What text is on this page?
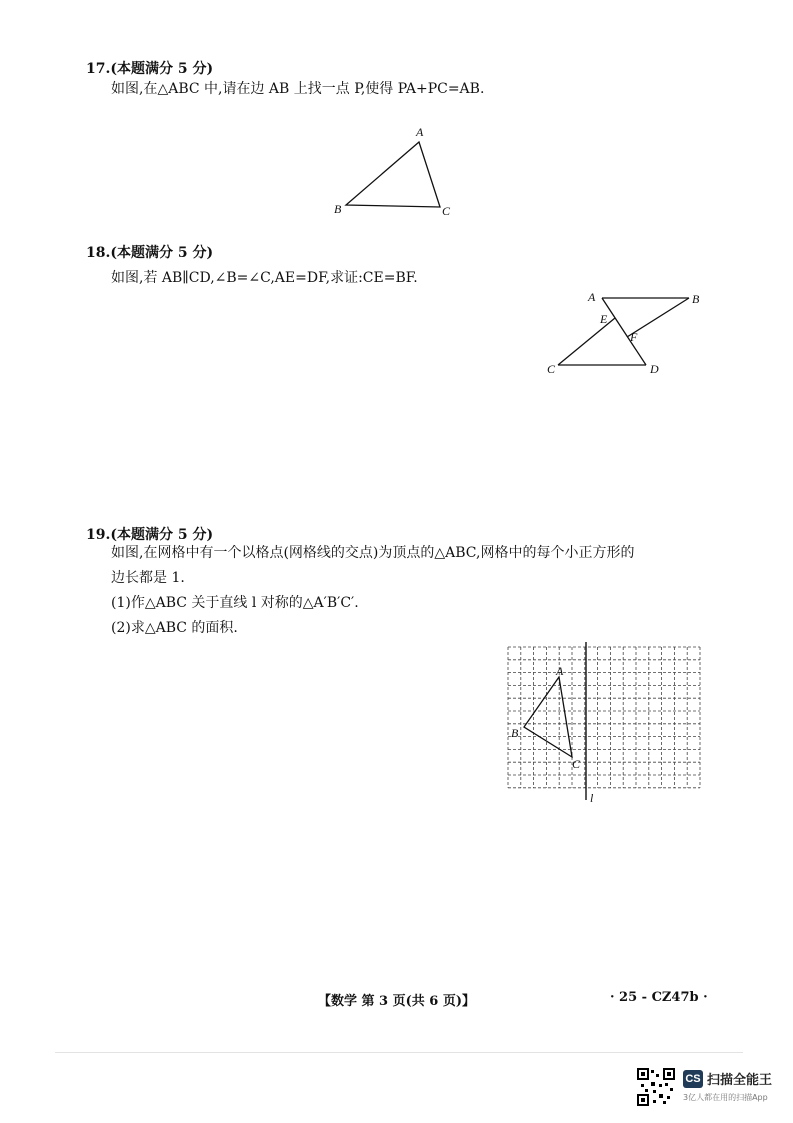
17.(本题满分 5 分)
如图,在△ABC 中,请在边 AB 上找一点 P,使得 PA+PC=AB.
A
B	C
18.(本题满分 5 分)
如图,若 AB∥CD,∠B=∠C,AE=DF,求证:CE=BF.
A	B
C	D
E
F
19.(本题满分 5 分)
如图,在网格中有一个以格点(网格线的交点)为顶点的△ABC,网格中的每个小正方形的
边长都是 1.
(1)作△ABC 关于直线 l 对称的△A′B′C′.
(2)求△ABC 的面积.
A
B
C
l
【数学 第 3 页(共 6 页)】	· 25 - CZ47b ·
CS 扫描全能王
3亿人都在用的扫描App
